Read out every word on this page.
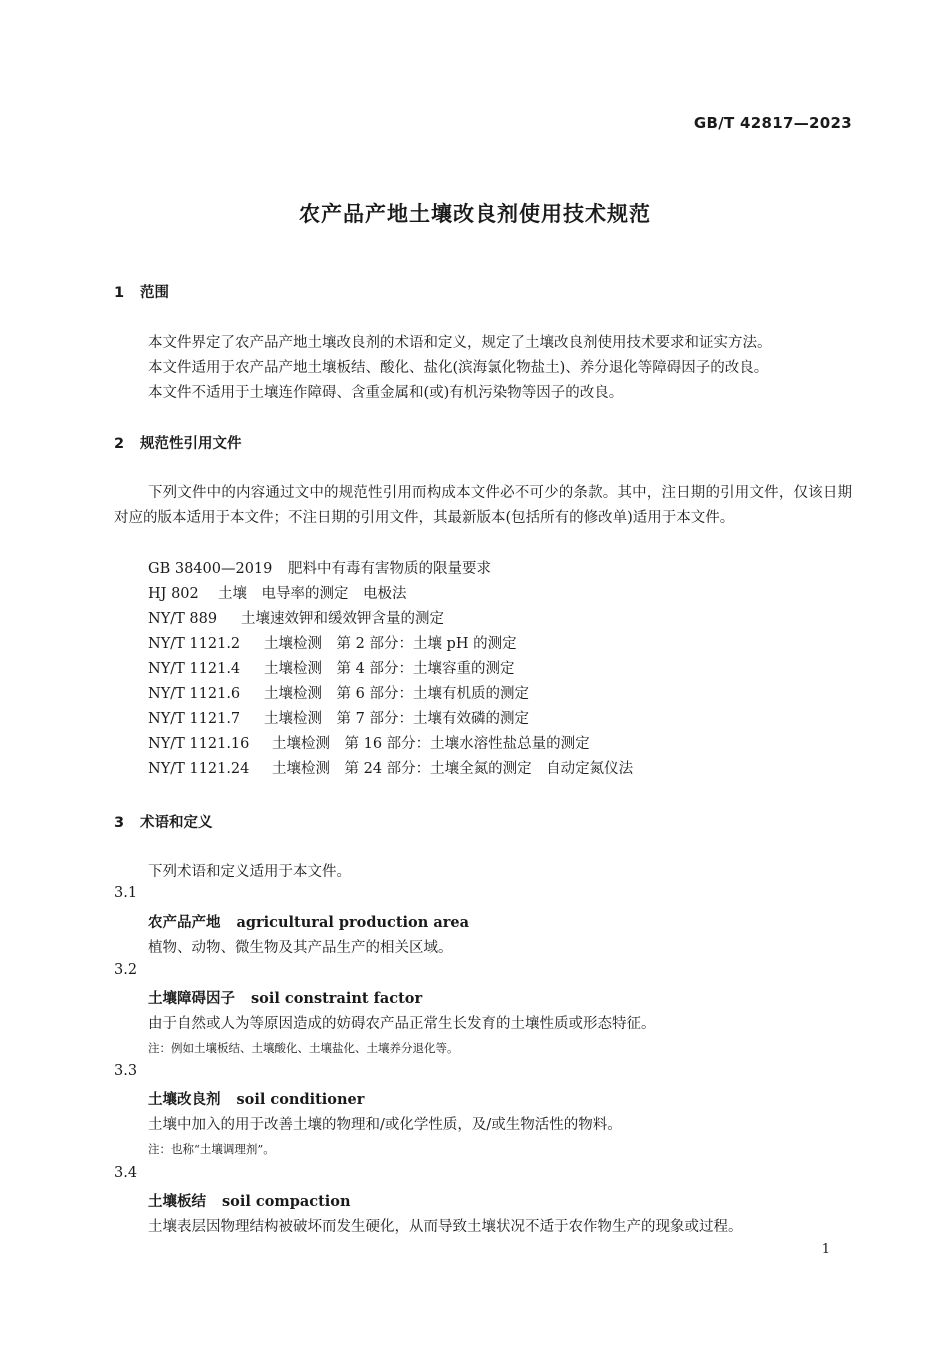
GB/T 42817—2023
农产品产地土壤改良剂使用技术规范
1 范围
本文件界定了农产品产地土壤改良剂的术语和定义，规定了土壤改良剂使用技术要求和证实方法。
本文件适用于农产品产地土壤板结、酸化、盐化(滨海氯化物盐土)、养分退化等障碍因子的改良。
本文件不适用于土壤连作障碍、含重金属和(或)有机污染物等因子的改良。
2 规范性引用文件
下列文件中的内容通过文中的规范性引用而构成本文件必不可少的条款。其中，注日期的引用文件，仅该日期对应的版本适用于本文件；不注日期的引用文件，其最新版本(包括所有的修改单)适用于本文件。
GB 38400—2019 肥料中有毒有害物质的限量要求
HJ 802 土壤　电导率的测定　电极法
NY/T 889 土壤速效钾和缓效钾含量的测定
NY/T 1121.2 土壤检测　第 2 部分：土壤 pH 的测定
NY/T 1121.4 土壤检测　第 4 部分：土壤容重的测定
NY/T 1121.6 土壤检测　第 6 部分：土壤有机质的测定
NY/T 1121.7 土壤检测　第 7 部分：土壤有效磷的测定
NY/T 1121.16 土壤检测　第 16 部分：土壤水溶性盐总量的测定
NY/T 1121.24 土壤检测　第 24 部分：土壤全氮的测定　自动定氮仪法
3 术语和定义
下列术语和定义适用于本文件。
3.1
农产品产地 agricultural production area
植物、动物、微生物及其产品生产的相关区域。
3.2
土壤障碍因子 soil constraint factor
由于自然或人为等原因造成的妨碍农产品正常生长发育的土壤性质或形态特征。
注：例如土壤板结、土壤酸化、土壤盐化、土壤养分退化等。
3.3
土壤改良剂 soil conditioner
土壤中加入的用于改善土壤的物理和/或化学性质，及/或生物活性的物料。
注：也称“土壤调理剂”。
3.4
土壤板结 soil compaction
土壤表层因物理结构被破坏而发生硬化，从而导致土壤状况不适于农作物生产的现象或过程。
1
